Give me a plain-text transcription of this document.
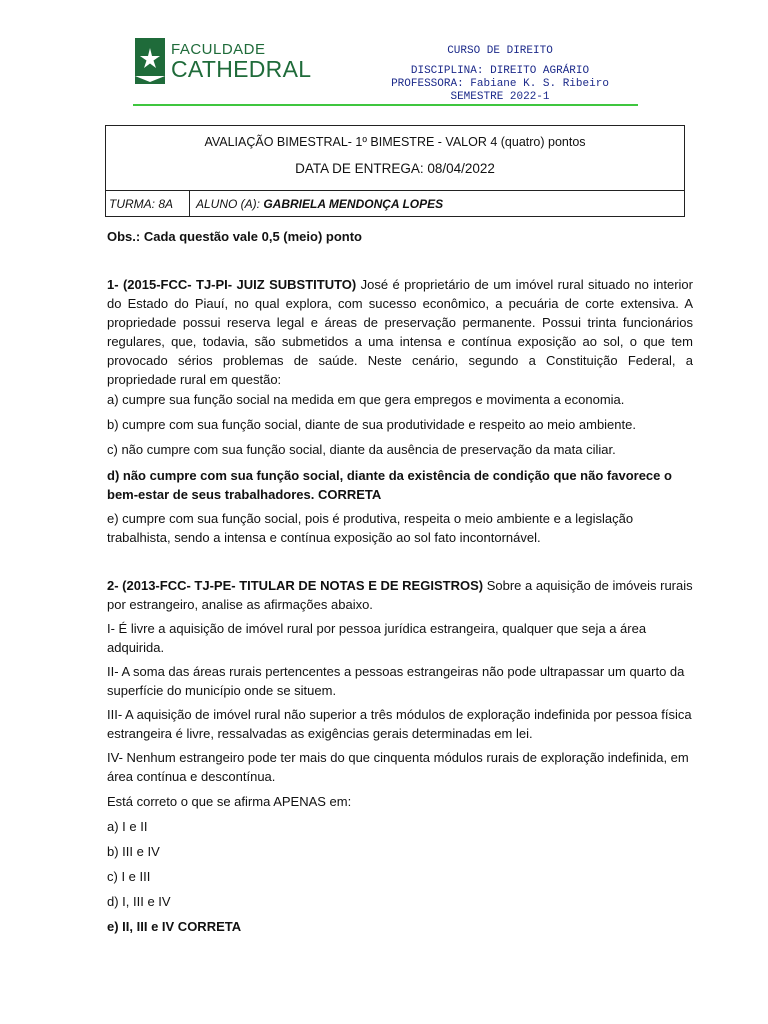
FACULDADE
CATHEDRAL
CURSO DE DIREITO
DISCIPLINA: DIREITO AGRÁRIO
PROFESSORA: Fabiane K. S. Ribeiro
SEMESTRE 2022-1
AVALIAÇÃO BIMESTRAL- 1º BIMESTRE - VALOR 4 (quatro) pontos
DATA DE ENTREGA: 08/04/2022
TURMA: 8A	ALUNO (A): GABRIELA MENDONÇA LOPES
Obs.: Cada questão vale 0,5 (meio) ponto
1- (2015-FCC- TJ-PI- JUIZ SUBSTITUTO) José é proprietário de um imóvel rural situado no interior do Estado do Piauí, no qual explora, com sucesso econômico, a pecuária de corte extensiva. A propriedade possui reserva legal e áreas de preservação permanente. Possui trinta funcionários regulares, que, todavia, são submetidos a uma intensa e contínua exposição ao sol, o que tem provocado sérios problemas de saúde. Neste cenário, segundo a Constituição Federal, a propriedade rural em questão:
a) cumpre sua função social na medida em que gera empregos e movimenta a economia.
b) cumpre com sua função social, diante de sua produtividade e respeito ao meio ambiente.
c) não cumpre com sua função social, diante da ausência de preservação da mata ciliar.
d) não cumpre com sua função social, diante da existência de condição que não favorece o bem-estar de seus trabalhadores. CORRETA
e) cumpre com sua função social, pois é produtiva, respeita o meio ambiente e a legislação trabalhista, sendo a intensa e contínua exposição ao sol fato incontornável.
2- (2013-FCC- TJ-PE- TITULAR DE NOTAS E DE REGISTROS) Sobre a aquisição de imóveis rurais por estrangeiro, analise as afirmações abaixo.
I- É livre a aquisição de imóvel rural por pessoa jurídica estrangeira, qualquer que seja a área adquirida.
II- A soma das áreas rurais pertencentes a pessoas estrangeiras não pode ultrapassar um quarto da superfície do município onde se situem.
III- A aquisição de imóvel rural não superior a três módulos de exploração indefinida por pessoa física estrangeira é livre, ressalvadas as exigências gerais determinadas em lei.
IV- Nenhum estrangeiro pode ter mais do que cinquenta módulos rurais de exploração indefinida, em área contínua e descontínua.
Está correto o que se afirma APENAS em:
a) I e II
b) III e IV
c) I e III
d) I, III e IV
e) II, III e IV CORRETA
